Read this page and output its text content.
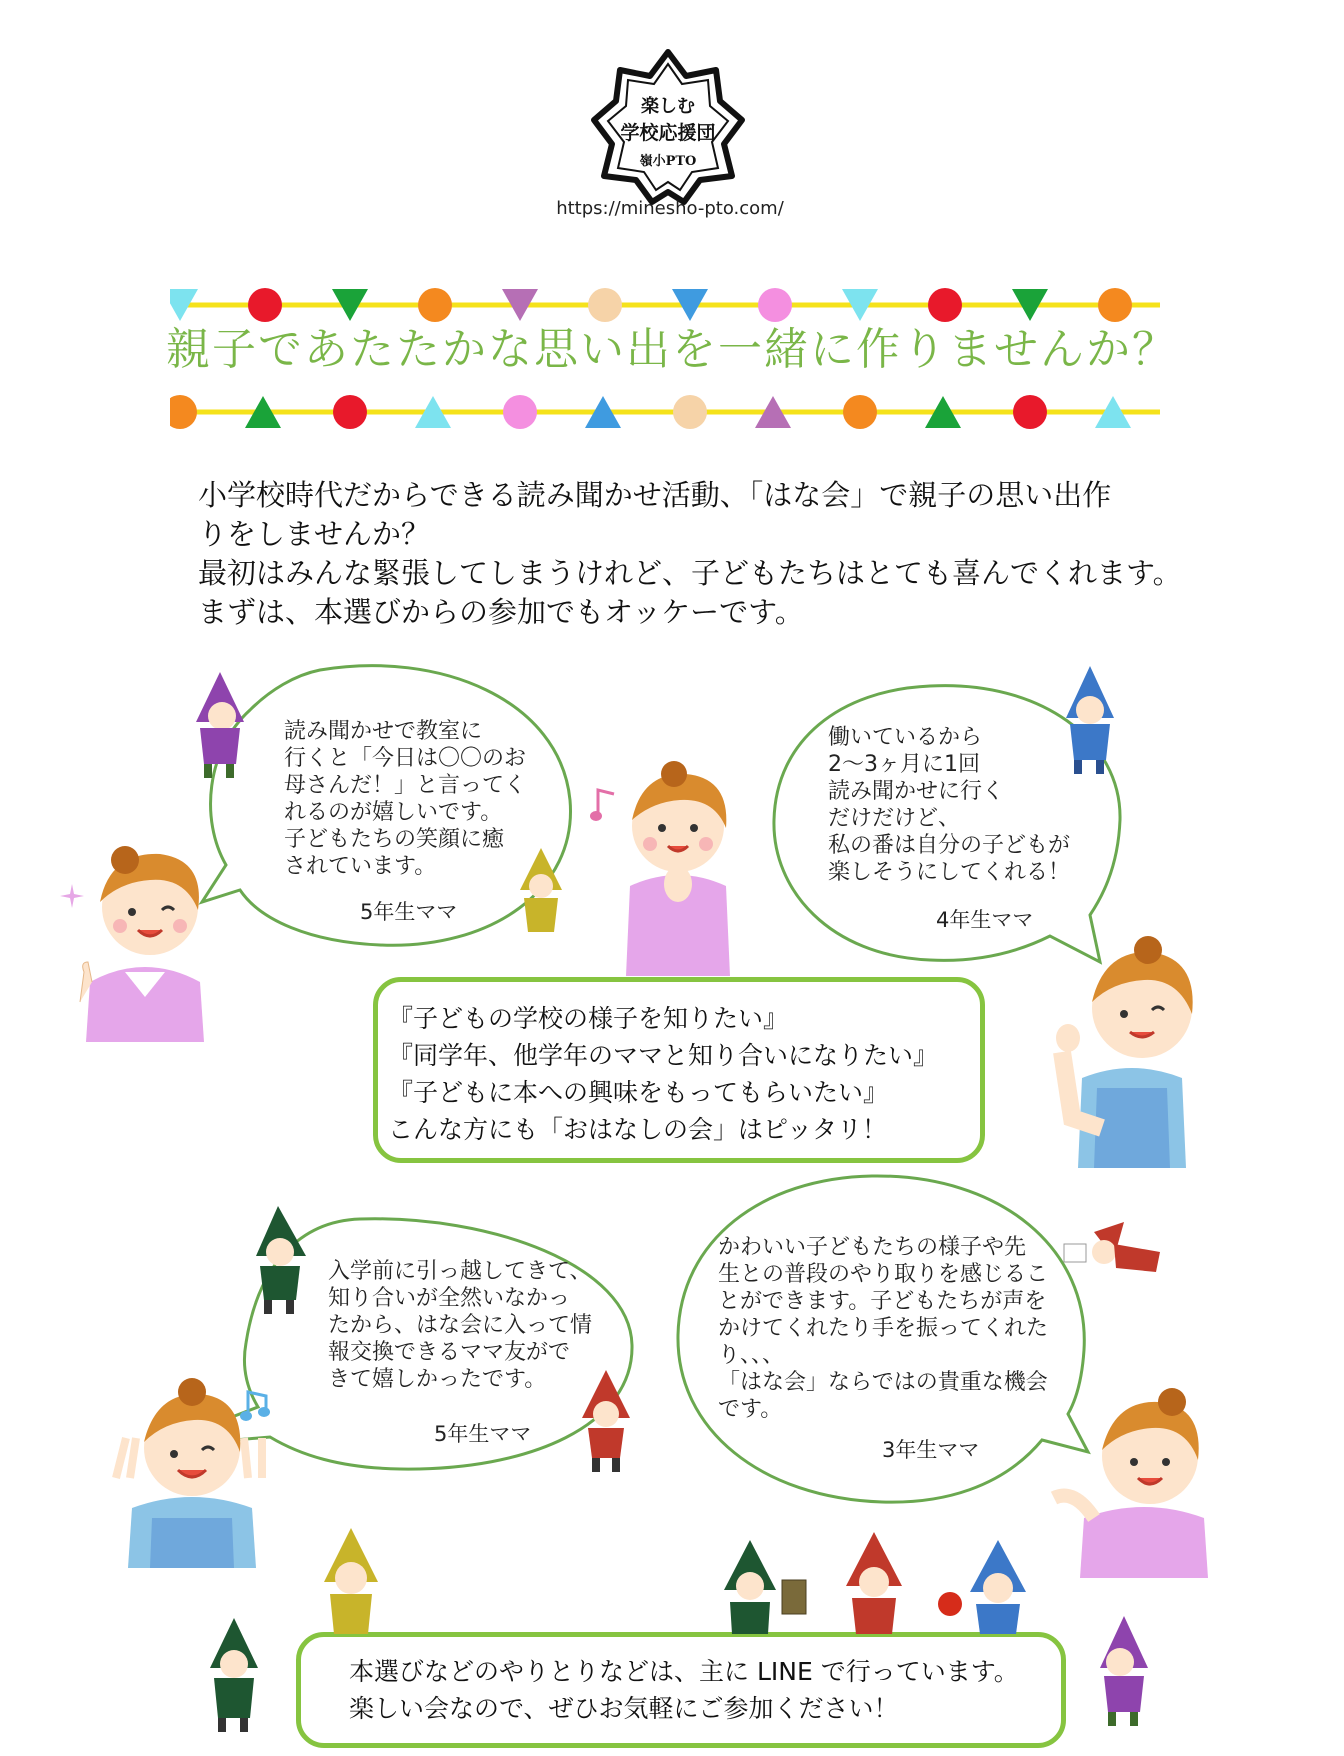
楽しむ
学校応援団
嶺小PTO
https://minesho-pto.com/
親子であたたかな思い出を一緒に作りませんか？
小学校時代だからできる読み聞かせ活動、「はな会」で親子の思い出作
りをしませんか？
最初はみんな緊張してしまうけれど、子どもたちはとても喜んでくれます。
まずは、本選びからの参加でもオッケーです。
読み聞かせで教室に
行くと「今日は〇〇のお
母さんだ！」と言ってく
れるのが嬉しいです。
子どもたちの笑顔に癒
されています。
5年生ママ
働いているから
2～3ヶ月に1回
読み聞かせに行く
だけだけど、
私の番は自分の子どもが
楽しそうにしてくれる！
4年生ママ
『子どもの学校の様子を知りたい』
『同学年、他学年のママと知り合いになりたい』
『子どもに本への興味をもってもらいたい』
こんな方にも「おはなしの会」はピッタリ！
入学前に引っ越してきて、
知り合いが全然いなかっ
たから、はな会に入って情
報交換できるママ友がで
きて嬉しかったです。
5年生ママ
かわいい子どもたちの様子や先
生との普段のやり取りを感じるこ
とができます。子どもたちが声を
かけてくれたり手を振ってくれた
り、、、
「はな会」ならではの貴重な機会
です。
3年生ママ
本選びなどのやりとりなどは、主に LINE で行っています。
楽しい会なので、ぜひお気軽にご参加ください！
